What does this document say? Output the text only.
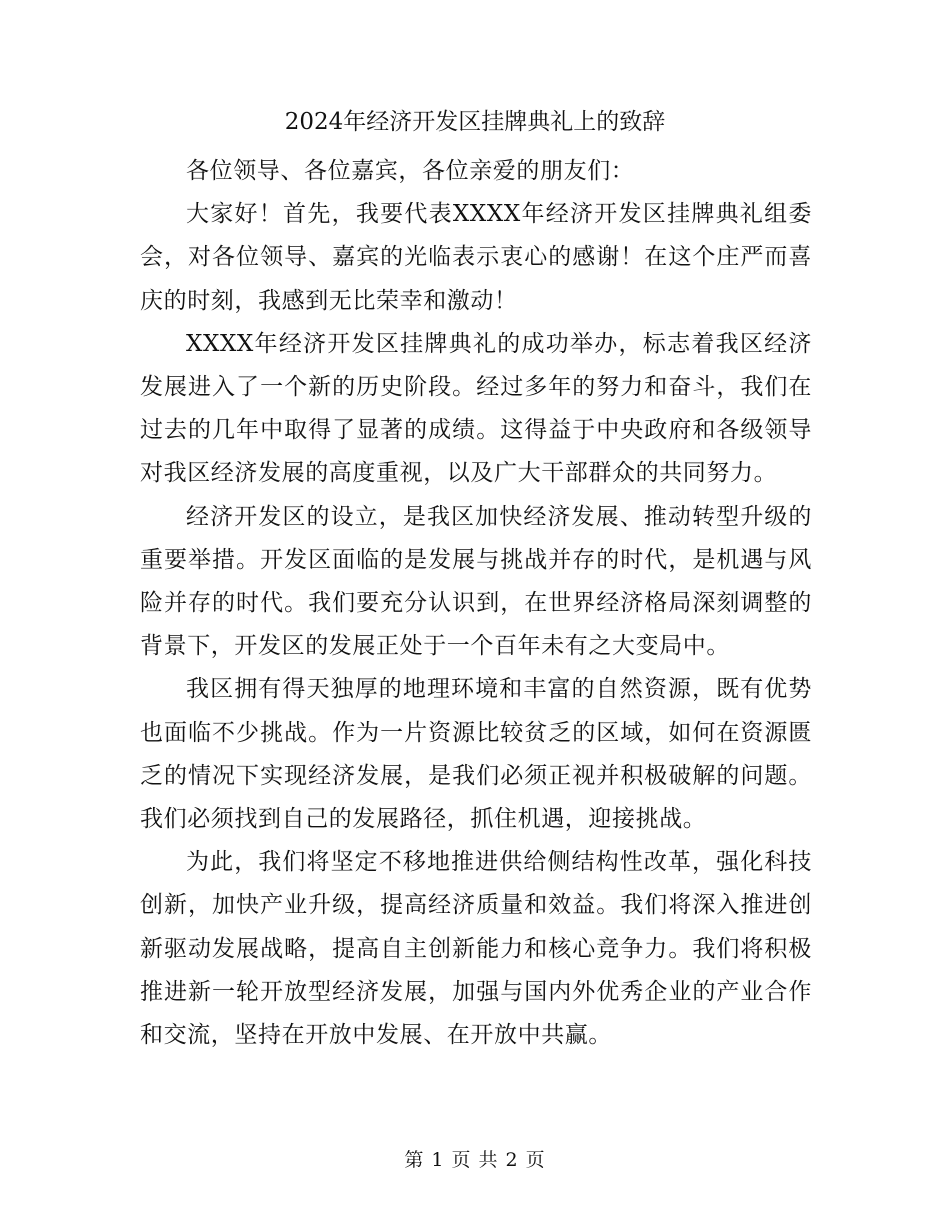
2024年经济开发区挂牌典礼上的致辞

各位领导、各位嘉宾，各位亲爱的朋友们：

大家好！首先，我要代表XXXX年经济开发区挂牌典礼组委会，对各位领导、嘉宾的光临表示衷心的感谢！在这个庄严而喜庆的时刻，我感到无比荣幸和激动！

XXXX年经济开发区挂牌典礼的成功举办，标志着我区经济发展进入了一个新的历史阶段。经过多年的努力和奋斗，我们在过去的几年中取得了显著的成绩。这得益于中央政府和各级领导对我区经济发展的高度重视，以及广大干部群众的共同努力。

经济开发区的设立，是我区加快经济发展、推动转型升级的重要举措。开发区面临的是发展与挑战并存的时代，是机遇与风险并存的时代。我们要充分认识到，在世界经济格局深刻调整的背景下，开发区的发展正处于一个百年未有之大变局中。

我区拥有得天独厚的地理环境和丰富的自然资源，既有优势也面临不少挑战。作为一片资源比较贫乏的区域，如何在资源匮乏的情况下实现经济发展，是我们必须正视并积极破解的问题。我们必须找到自己的发展路径，抓住机遇，迎接挑战。

为此，我们将坚定不移地推进供给侧结构性改革，强化科技创新，加快产业升级，提高经济质量和效益。我们将深入推进创新驱动发展战略，提高自主创新能力和核心竞争力。我们将积极推进新一轮开放型经济发展，加强与国内外优秀企业的产业合作和交流，坚持在开放中发展、在开放中共赢。

第 1 页 共 2 页
